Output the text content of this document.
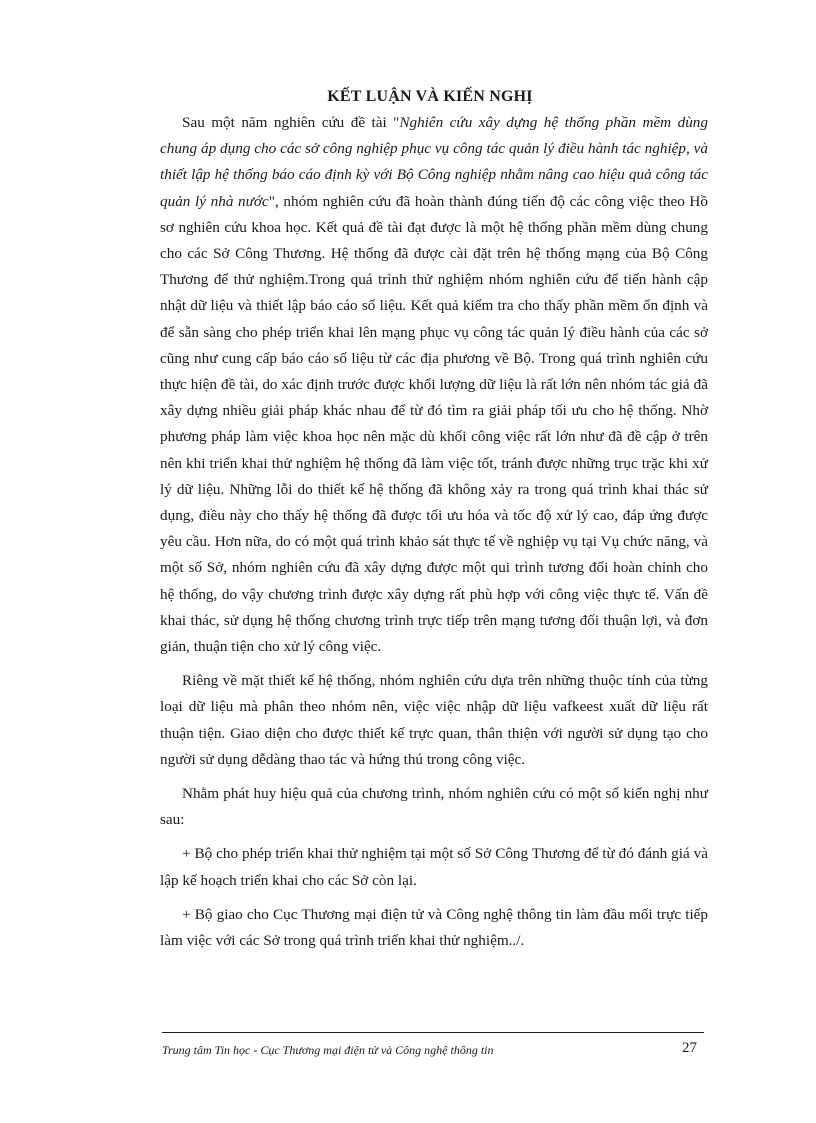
KẾT LUẬN VÀ KIẾN NGHỊ

Sau một năm nghiên cứu đề tài "Nghiên cứu xây dựng hệ thống phần mềm dùng chung áp dụng cho các sở công nghiệp phục vụ công tác quản lý điều hành tác nghiệp, và thiết lập hệ thống báo cáo định kỳ với Bộ Công nghiệp nhằm nâng cao hiệu quả công tác quản lý nhà nước", nhóm nghiên cứu đã hoàn thành đúng tiến độ các công việc theo Hồ sơ nghiên cứu khoa học. Kết quả đề tài đạt được là một hệ thống phần mềm dùng chung cho các Sở Công Thương. Hệ thống đã được cài đặt trên hệ thống mạng của Bộ Công Thương để thử nghiệm.Trong quá trình thử nghiệm nhóm nghiên cứu để tiến hành cập nhật dữ liệu và thiết lập báo cáo số liệu. Kết quả kiểm tra cho thấy phần mềm ổn định và để sẵn sàng cho phép triển khai lên mạng phục vụ công tác quản lý điều hành của các sở cũng như cung cấp báo cáo số liệu từ các địa phương về Bộ. Trong quá trình nghiên cứu thực hiện đề tài, do xác định trước được khối lượng dữ liệu là rất lớn nên nhóm tác giả đã xây dựng nhiều giải pháp khác nhau để từ đó tìm ra giải pháp tối ưu cho hệ thống. Nhờ phương pháp làm việc khoa học nên mặc dù khối công việc rất lớn như đã đề cập ở trên nên khi triển khai thử nghiệm hệ thống đã làm việc tốt, tránh được những trục trặc khi xử lý dữ liệu. Những lỗi do thiết kế hệ thống đã không xảy ra trong quá trình khai thác sử dụng, điều này cho thấy hệ thống đã được tối ưu hóa và tốc độ xử lý cao, đáp ứng được yêu cầu. Hơn nữa, do có một quá trình khảo sát thực tế về nghiệp vụ tại Vụ chức năng, và một số Sở, nhóm nghiên cứu đã xây dựng được một qui trình tương đối hoàn chỉnh cho hệ thống, do vậy chương trình được xây dựng rất phù hợp với công việc thực tế. Vấn đề khai thác, sử dụng hệ thống chương trình trực tiếp trên mạng tương đối thuận lợi, và đơn giản, thuận tiện cho xử lý công việc.

Riêng về mặt thiết kế hệ thống, nhóm nghiên cứu dựa trên những thuộc tính của từng loại dữ liệu mà phân theo nhóm nên, việc việc nhập dữ liệu vafkeest xuất dữ liệu rất thuận tiện. Giao diện cho được thiết kế trực quan, thân thiện với người sử dụng tạo cho người sử dụng dễdàng thao tác và hứng thú trong công việc.

Nhằm phát huy hiệu quả của chương trình, nhóm nghiên cứu có một số kiến nghị như sau:

+ Bộ cho phép triển khai thử nghiệm tại một số Sở Công Thương để từ đó đánh giá và lập kế hoạch triển khai cho các Sở còn lại.

+ Bộ giao cho Cục Thương mại điện tử và Công nghệ thông tin làm đầu mối trực tiếp làm việc với các Sở trong quá trình triển khai thử nghiệm../.

Trung tâm Tin học - Cục Thương mại điện tử và Công nghệ thông tin	27
